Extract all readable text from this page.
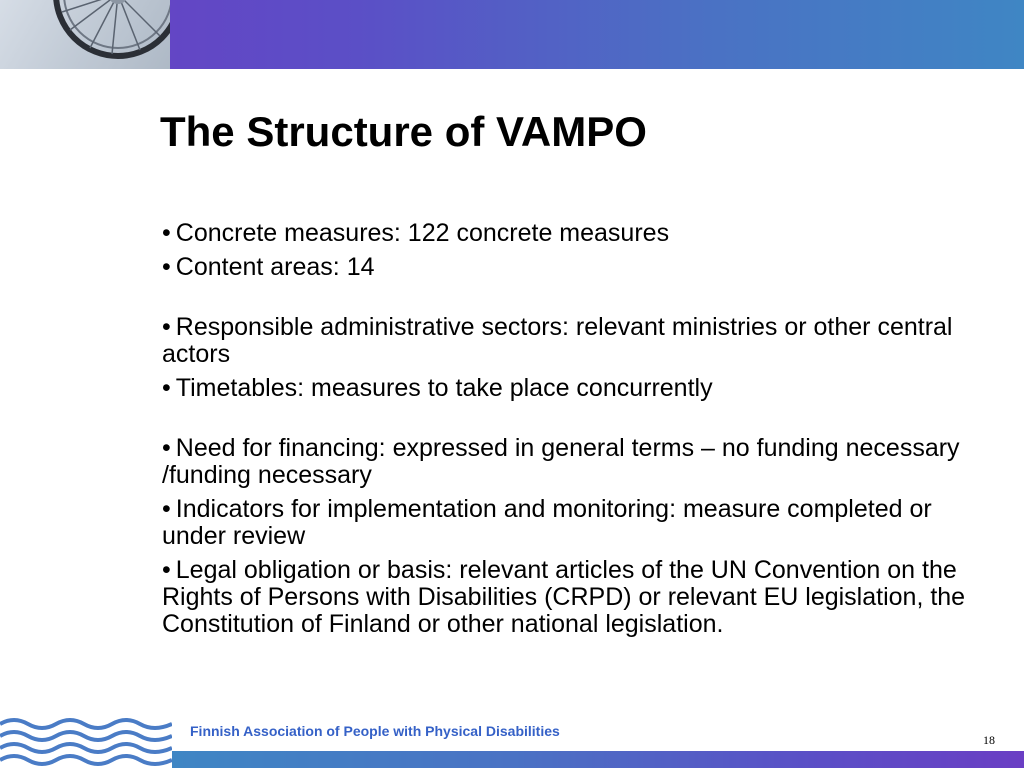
The Structure of VAMPO
• Concrete measures: 122 concrete measures
• Content areas: 14
• Responsible administrative sectors: relevant ministries or other central actors
• Timetables: measures to take place concurrently
• Need for financing: expressed in general terms – no funding necessary /funding necessary
• Indicators for implementation and monitoring: measure completed or under review
• Legal obligation or basis: relevant articles of the UN Convention on the Rights of Persons with Disabilities (CRPD) or relevant EU legislation, the Constitution of Finland or other national legislation.
Finnish Association of People with Physical Disabilities
18
